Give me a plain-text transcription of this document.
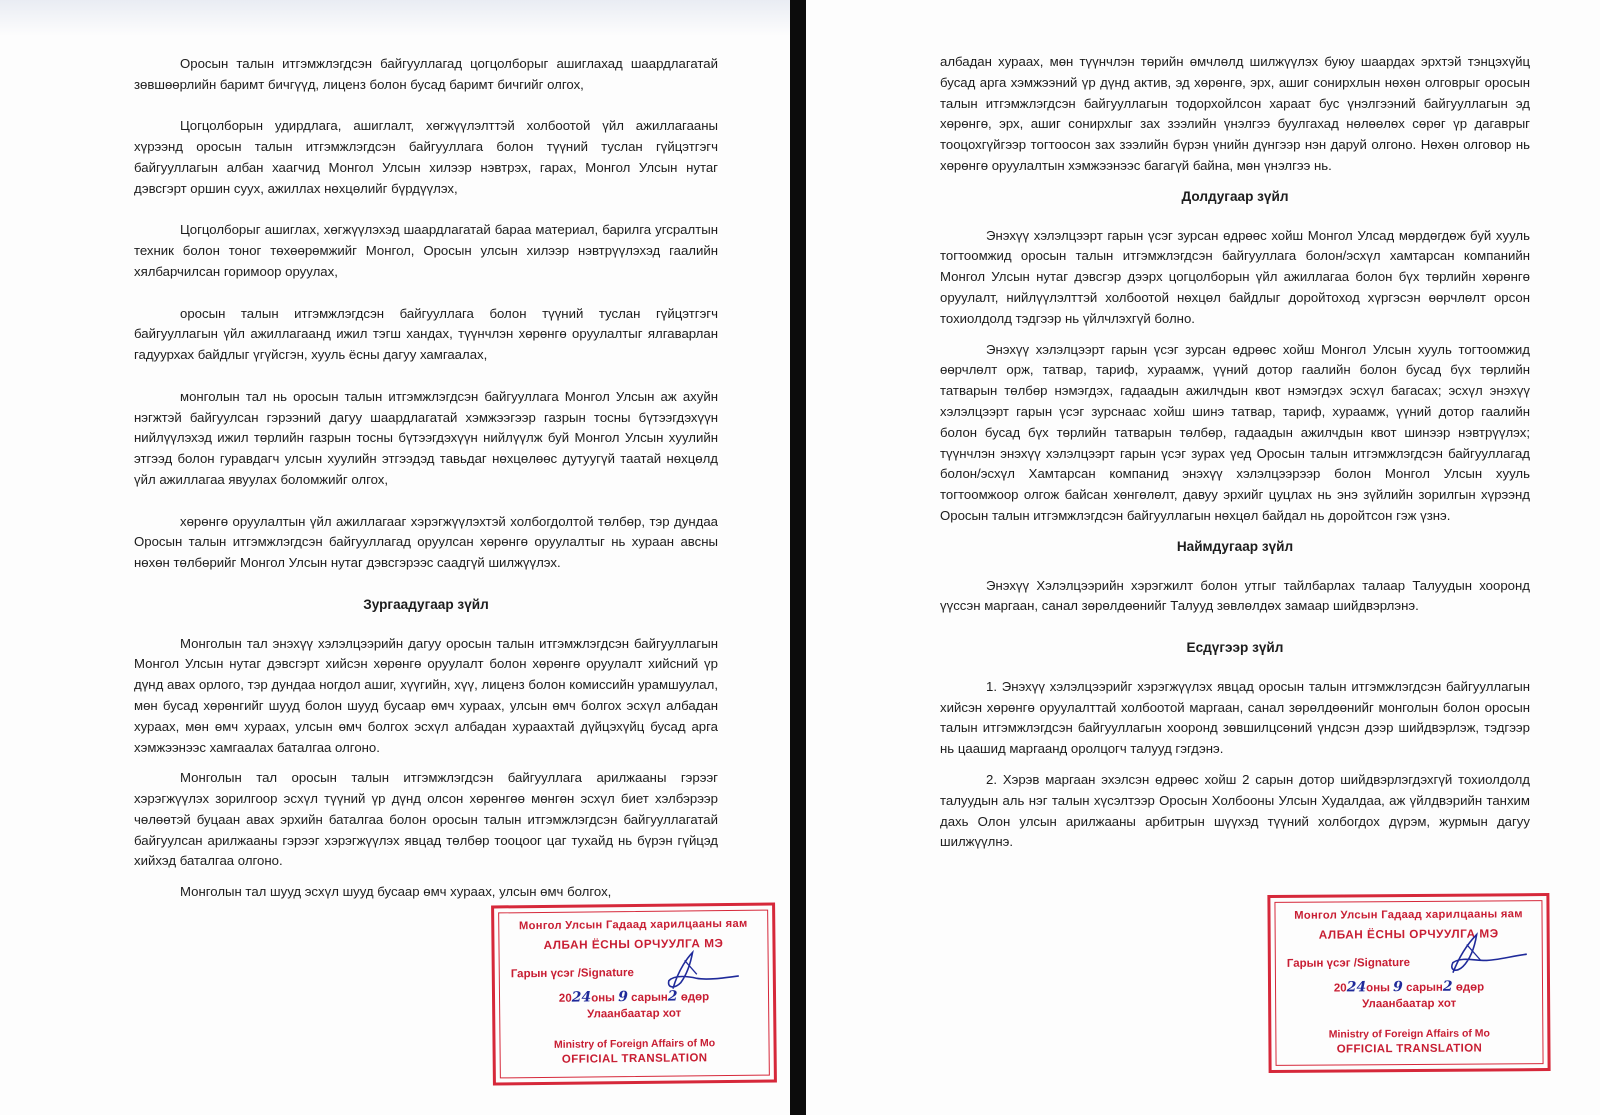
Оросын талын итгэмжлэгдсэн байгууллагад цогцолборыг ашиглахад шаардлагатай зөвшөөрлийн баримт бичгүүд, лиценз болон бусад баримт бичгийг олгох,

Цогцолборын удирдлага, ашиглалт, хөгжүүлэлттэй холбоотой үйл ажиллагааны хүрээнд оросын талын итгэмжлэгдсэн байгууллага болон түүний туслан гүйцэтгэгч байгууллагын албан хаагчид Монгол Улсын хилээр нэвтрэх, гарах, Монгол Улсын нутаг дэвсгэрт оршин суух, ажиллах нөхцөлийг бүрдүүлэх,

Цогцолборыг ашиглах, хөгжүүлэхэд шаардлагатай бараа материал, барилга угсралтын техник болон тоног төхөөрөмжийг Монгол, Оросын улсын хилээр нэвтрүүлэхэд гаалийн хялбарчилсан горимоор оруулах,

оросын талын итгэмжлэгдсэн байгууллага болон түүний туслан гүйцэтгэгч байгууллагын үйл ажиллагаанд ижил тэгш хандах, түүнчлэн хөрөнгө оруулалтыг ялгаварлан гадуурхах байдлыг үгүйсгэн, хууль ёсны дагуу хамгаалах,

монголын тал нь оросын талын итгэмжлэгдсэн байгууллага Монгол Улсын аж ахуйн нэгжтэй байгуулсан гэрээний дагуу шаардлагатай хэмжээгээр газрын тосны бүтээгдэхүүн нийлүүлэхэд ижил төрлийн газрын тосны бүтээгдэхүүн нийлүүлж буй Монгол Улсын хуулийн этгээд болон гуравдагч улсын хуулийн этгээдэд тавьдаг нөхцөлөөс дутуугүй таатай нөхцөлд үйл ажиллагаа явуулах боломжийг олгох,

хөрөнгө оруулалтын үйл ажиллагааг хэрэгжүүлэхтэй холбогдолтой төлбөр, тэр дундаа Оросын талын итгэмжлэгдсэн байгууллагад оруулсан хөрөнгө оруулалтыг нь хураан авсны нөхөн төлбөрийг Монгол Улсын нутаг дэвсгэрээс саадгүй шилжүүлэх.

Зургаадугаар зүйл

Монголын тал энэхүү хэлэлцээрийн дагуу оросын талын итгэмжлэгдсэн байгууллагын Монгол Улсын нутаг дэвсгэрт хийсэн хөрөнгө оруулалт болон хөрөнгө оруулалт хийсний үр дүнд авах орлого, тэр дундаа ногдол ашиг, хүүгийн, хүү, лиценз болон комиссийн урамшуулал, мөн бусад хөрөнгийг шууд болон шууд бусаар өмч хураах, улсын өмч болгох эсхүл албадан хураах, мөн өмч хураах, улсын өмч болгох эсхүл албадан хураахтай дүйцэхүйц бусад арга хэмжээнээс хамгаалах баталгаа олгоно.

Монголын тал оросын талын итгэмжлэгдсэн байгууллага арилжааны гэрээг хэрэгжүүлэх зорилгоор эсхүл түүний үр дүнд олсон хөрөнгөө мөнгөн эсхүл биет хэлбэрээр чөлөөтэй буцаан авах эрхийн баталгаа болон оросын талын итгэмжлэгдсэн байгууллагатай байгуулсан арилжааны гэрээг хэрэгжүүлэх явцад төлбөр тооцоог цаг тухайд нь бүрэн гүйцэд хийхэд баталгаа олгоно.

Монголын тал шууд эсхүл шууд бусаар өмч хураах, улсын өмч болгох,

Монгол Улсын Гадаад харилцааны яам
АЛБАН ЁСНЫ ОРЧУУЛГА МЭ
Гарын үсэг /Signature
2024оны 9 сарын2 өдөр
Улаанбаатар хот
Ministry of Foreign Affairs of Mo
OFFICIAL TRANSLATION

албадан хураах, мөн түүнчлэн төрийн өмчлөлд шилжүүлэх буюу шаардах эрхтэй тэнцэхүйц бусад арга хэмжээний үр дүнд актив, эд хөрөнгө, эрх, ашиг сонирхлын нөхөн олговрыг оросын талын итгэмжлэгдсэн байгууллагын тодорхойлсон хараат бус үнэлгээний байгууллагын эд хөрөнгө, эрх, ашиг сонирхлыг зах зээлийн үнэлгээ буулгахад нөлөөлөх сөрөг үр дагаврыг тооцохгүйгээр тогтоосон зах зээлийн бүрэн үнийн дүнгээр нэн даруй олгоно. Нөхөн олговор нь хөрөнгө оруулалтын хэмжээнээс багагүй байна, мөн үнэлгээ нь.

Долдугаар зүйл

Энэхүү хэлэлцээрт гарын үсэг зурсан өдрөөс хойш Монгол Улсад мөрдөгдөж буй хууль тогтоомжид оросын талын итгэмжлэгдсэн байгууллага болон/эсхүл хамтарсан компанийн Монгол Улсын нутаг дэвсгэр дээрх цогцолборын үйл ажиллагаа болон бүх төрлийн хөрөнгө оруулалт, нийлүүлэлттэй холбоотой нөхцөл байдлыг доройтоход хүргэсэн өөрчлөлт орсон тохиолдолд тэдгээр нь үйлчлэхгүй болно.

Энэхүү хэлэлцээрт гарын үсэг зурсан өдрөөс хойш Монгол Улсын хууль тогтоомжид өөрчлөлт орж, татвар, тариф, хураамж, үүний дотор гаалийн болон бусад бүх төрлийн татварын төлбөр нэмэгдэх, гадаадын ажилчдын квот нэмэгдэх эсхүл багасах; эсхүл энэхүү хэлэлцээрт гарын үсэг зурснаас хойш шинэ татвар, тариф, хураамж, үүний дотор гаалийн болон бусад бүх төрлийн татварын төлбөр, гадаадын ажилчдын квот шинээр нэвтрүүлэх; түүнчлэн энэхүү хэлэлцээрт гарын үсэг зурах үед Оросын талын итгэмжлэгдсэн байгууллагад болон/эсхүл Хамтарсан компанид энэхүү хэлэлцээрээр болон Монгол Улсын хууль тогтоомжоор олгож байсан хөнгөлөлт, давуу эрхийг цуцлах нь энэ зүйлийн зорилгын хүрээнд Оросын талын итгэмжлэгдсэн байгууллагын нөхцөл байдал нь доройтсон гэж үзнэ.

Наймдугаар зүйл

Энэхүү Хэлэлцээрийн хэрэгжилт болон утгыг тайлбарлах талаар Талуудын хооронд үүссэн маргаан, санал зөрөлдөөнийг Талууд зөвлөлдөх замаар шийдвэрлэнэ.

Есдүгээр зүйл

1. Энэхүү хэлэлцээрийг хэрэгжүүлэх явцад оросын талын итгэмжлэгдсэн байгууллагын хийсэн хөрөнгө оруулалттай холбоотой маргаан, санал зөрөлдөөнийг монголын болон оросын талын итгэмжлэгдсэн байгууллагын хооронд зөвшилцсөний үндсэн дээр шийдвэрлэж, тэдгээр нь цаашид маргаанд оролцогч талууд гэгдэнэ.

2. Хэрэв маргаан эхэлсэн өдрөөс хойш 2 сарын дотор шийдвэрлэгдэхгүй тохиолдолд талуудын аль нэг талын хүсэлтээр Оросын Холбооны Улсын Худалдаа, аж үйлдвэрийн танхим дахь Олон улсын арилжааны арбитрын шүүхэд түүний холбогдох дүрэм, журмын дагуу шилжүүлнэ.

Монгол Улсын Гадаад харилцааны яам
АЛБАН ЁСНЫ ОРЧУУЛГА МЭ
Гарын үсэг /Signature
2024оны 9 сарын2 өдөр
Улаанбаатар хот
Ministry of Foreign Affairs of Mo
OFFICIAL TRANSLATION
